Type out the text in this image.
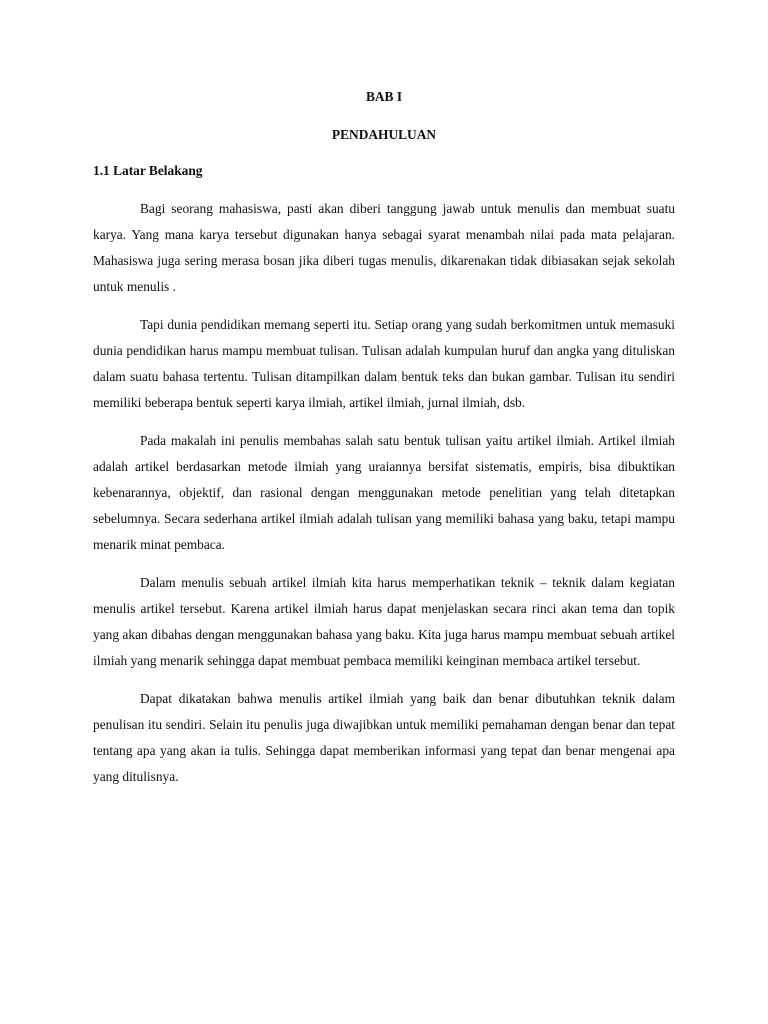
BAB I
PENDAHULUAN
1.1 Latar Belakang

Bagi seorang mahasiswa, pasti akan diberi tanggung jawab untuk menulis dan membuat suatu karya. Yang mana karya tersebut digunakan hanya sebagai syarat menambah nilai pada mata pelajaran. Mahasiswa juga sering merasa bosan jika diberi tugas menulis, dikarenakan tidak dibiasakan sejak sekolah untuk menulis .

Tapi dunia pendidikan memang seperti itu. Setiap orang yang sudah berkomitmen untuk memasuki dunia pendidikan harus mampu membuat tulisan. Tulisan adalah kumpulan huruf dan angka yang dituliskan dalam suatu bahasa tertentu. Tulisan ditampilkan dalam bentuk teks dan bukan gambar. Tulisan itu sendiri memiliki beberapa bentuk seperti karya ilmiah, artikel ilmiah, jurnal ilmiah, dsb.

Pada makalah ini penulis membahas salah satu bentuk tulisan yaitu artikel ilmiah. Artikel ilmiah adalah artikel berdasarkan metode ilmiah yang uraiannya bersifat sistematis, empiris, bisa dibuktikan kebenarannya, objektif, dan rasional dengan menggunakan metode penelitian yang telah ditetapkan sebelumnya. Secara sederhana artikel ilmiah adalah tulisan yang memiliki bahasa yang baku, tetapi mampu menarik minat pembaca.

Dalam menulis sebuah artikel ilmiah kita harus memperhatikan teknik – teknik dalam kegiatan menulis artikel tersebut. Karena artikel ilmiah harus dapat menjelaskan secara rinci akan tema dan topik yang akan dibahas dengan menggunakan bahasa yang baku. Kita juga harus mampu membuat sebuah artikel ilmiah yang menarik sehingga dapat membuat pembaca memiliki keinginan membaca artikel tersebut.

Dapat dikatakan bahwa menulis artikel ilmiah yang baik dan benar dibutuhkan teknik dalam penulisan itu sendiri. Selain itu penulis juga diwajibkan untuk memiliki pemahaman dengan benar dan tepat tentang apa yang akan ia tulis. Sehingga dapat memberikan informasi yang tepat dan benar mengenai apa yang ditulisnya.
